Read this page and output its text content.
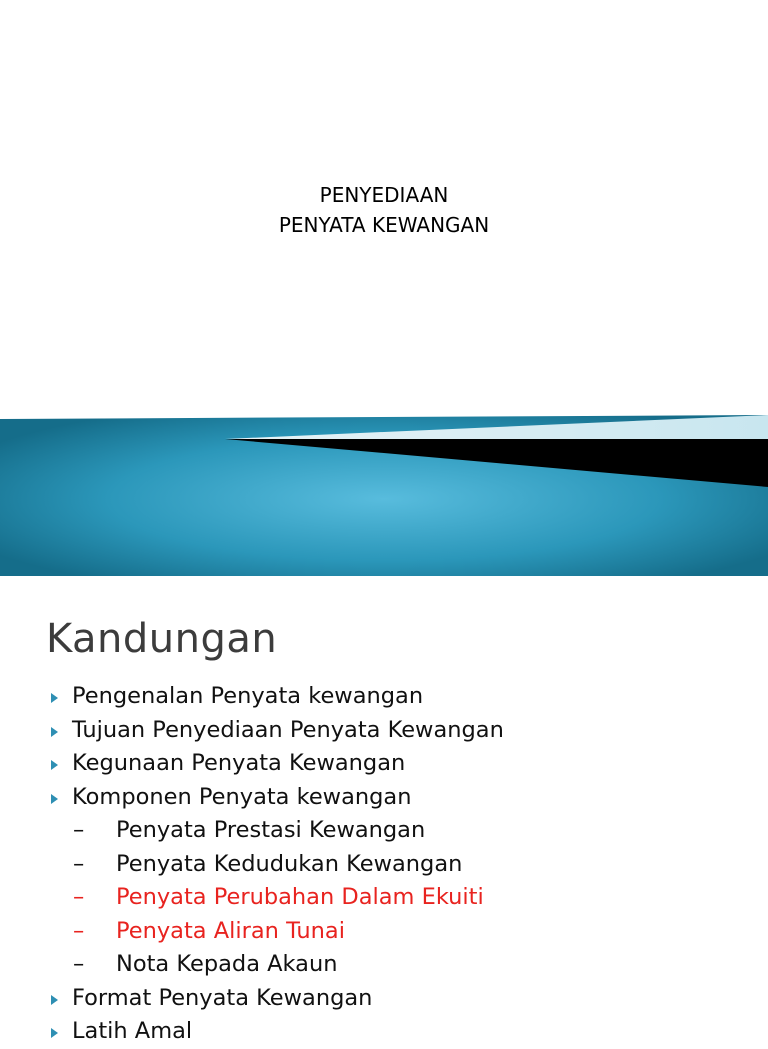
PENYEDIAAN
PENYATA KEWANGAN
Kandungan
Pengenalan Penyata kewangan
Tujuan Penyediaan Penyata Kewangan
Kegunaan Penyata Kewangan
Komponen Penyata kewangan
– Penyata Prestasi Kewangan
– Penyata Kedudukan Kewangan
– Penyata Perubahan Dalam Ekuiti
– Penyata Aliran Tunai
– Nota Kepada Akaun
Format Penyata Kewangan
Latih Amal
